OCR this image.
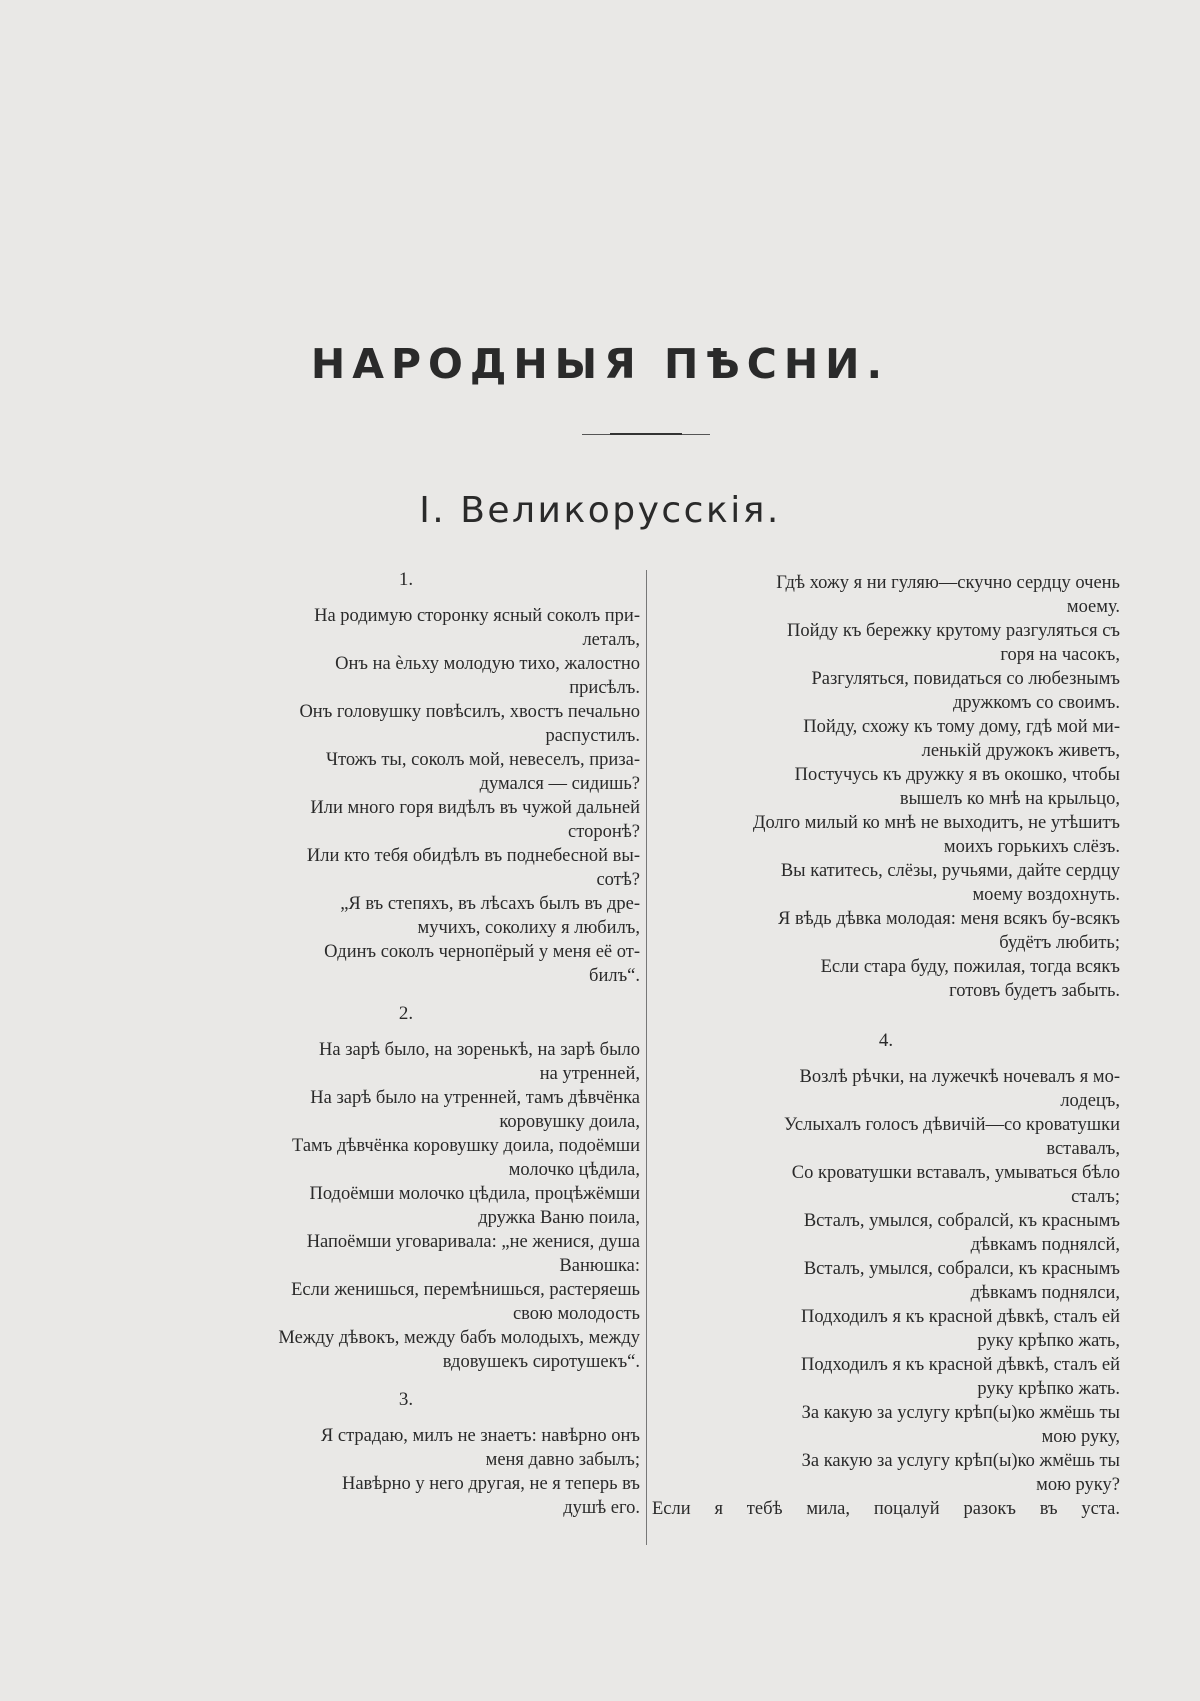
НАРОДНЫЯ ПѢСНИ.
I. Великорусскія.
1.
На родимую сторонку ясный соколъ при-
леталъ,
Онъ на ѐльху молодую тихо, жалостно
присѣлъ.
Онъ головушку повѣсилъ, хвостъ печально
распустилъ.
Чтожъ ты, соколъ мой, невеселъ, приза-
думался — сидишь?
Или много горя видѣлъ въ чужой дальней
сторонѣ?
Или кто тебя обидѣлъ въ поднебесной вы-
сотѣ?
„Я въ степяхъ, въ лѣсахъ былъ въ дре-
мучихъ, соколиху я любилъ,
Одинъ соколъ чернопёрый у меня её от-
билъ“.
2.
На зарѣ было, на зоренькѣ, на зарѣ было
на утренней,
На зарѣ было на утренней, тамъ дѣвчёнка
коровушку доила,
Тамъ дѣвчёнка коровушку доила, подоёмши
молочко цѣдила,
Подоёмши молочко цѣдила, процѣжёмши
дружка Ваню поила,
Напоёмши уговаривала: „не женися, душа
Ванюшка:
Если женишься, перемѣнишься, растеряешь
свою молодость
Между дѣвокъ, между бабъ молодыхъ, между
вдовушекъ сиротушекъ“.
3.
Я страдаю, милъ не знаетъ: навѣрно онъ
меня давно забылъ;
Навѣрно у него другая, не я теперь въ
душѣ его.
Гдѣ хожу я ни гуляю—скучно сердцу очень
моему.
Пойду къ бережку крутому разгуляться съ
горя на часокъ,
Разгуляться, повидаться со любезнымъ
дружкомъ со своимъ.
Пойду, схожу къ тому дому, гдѣ мой ми-
ленькій дружокъ живетъ,
Постучусь къ дружку я въ окошко, чтобы
вышелъ ко мнѣ на крыльцо,
Долго милый ко мнѣ не выходитъ, не утѣшитъ
моихъ горькихъ слёзъ.
Вы катитесь, слёзы, ручьями, дайте сердцу
моему воздохнуть.
Я вѣдь дѣвка молодая: меня всякъ бу-всякъ
будётъ любить;
Если стара буду, пожилая, тогда всякъ
готовъ будетъ забыть.
4.
Возлѣ рѣчки, на лужечкѣ ночевалъ я мо-
лодецъ,
Услыхалъ голосъ дѣвичій—со кроватушки
вставалъ,
Со кроватушки вставалъ, умываться бѣло
сталъ;
Всталъ, умылся, собралсй, къ краснымъ
дѣвкамъ поднялсй,
Всталъ, умылся, собралси, къ краснымъ
дѣвкамъ поднялси,
Подходилъ я къ красной дѣвкѣ, сталъ ей
руку крѣпко жать,
Подходилъ я къ красной дѣвкѣ, сталъ ей
руку крѣпко жать.
За какую за услугу крѣп(ы)ко жмёшь ты
мою руку,
За какую за услугу крѣп(ы)ко жмёшь ты
мою руку?
Если я тебѣ мила, поцалуй разокъ въ уста.
